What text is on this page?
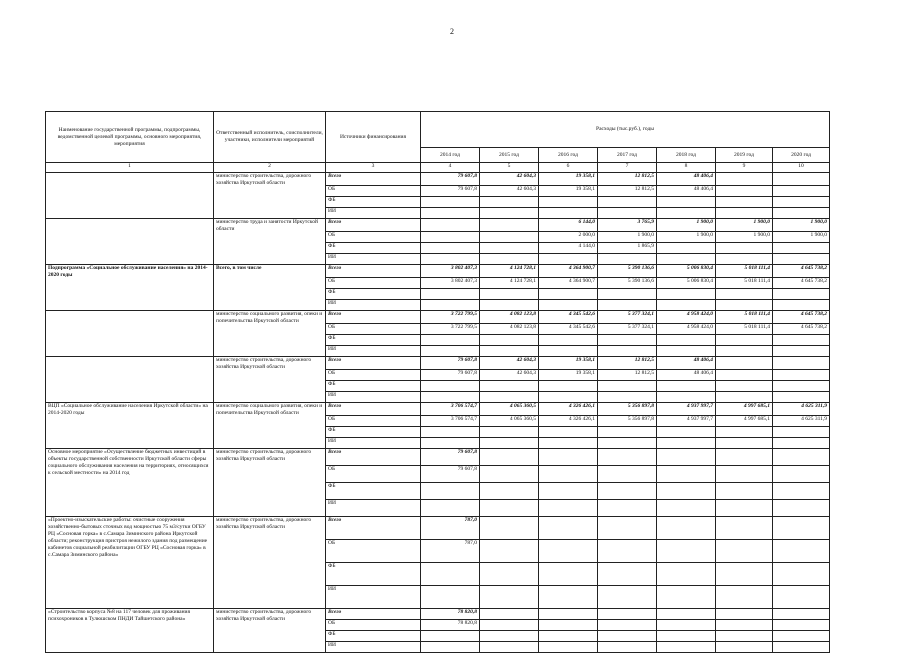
2
Наименование государственной программы, подпрограммы, ведомственной целевой программы, основного мероприятия, мероприятия	Ответственный исполнитель, соисполнители, участники, исполнители мероприятий	Источники финансирования	Расходы (тыс.руб.), годы						
			2014 год	2015 год	2016 год	2017 год	2018 год	2019 год	2020 год
1	2	3	4	5	6	7	8	9	10
	министерство строительства, дорожного хозяйства Иркутской области	Всего	79 607,8	42 604,3	19 358,1	12 812,5	48 406,4		
		ОБ	79 607,8	42 604,3	19 358,1	12 812,5	48 406,4		
		ФБ							
		ИИ							
	министерство труда и занятости Иркутской области	Всего			6 144,0	3 765,9	1 900,0	1 900,0	1 900,0
		ОБ			2 000,0	1 900,0	1 900,0	1 900,0	1 900,0
		ФБ			4 144,0	1 865,9			
		ИИ							
Подпрограмма «Социальное обслуживание населения» на 2014-2020 годы	Всего, в том числе	Всего	3 802 407,3	4 124 728,1	4 364 900,7	5 390 136,6	5 006 830,4	5 018 111,4	4 645 738,2
		ОБ	3 802 407,3	4 124 728,1	4 364 900,7	5 390 136,6	5 006 830,4	5 018 111,4	4 645 738,2
		ФБ							
		ИИ							
	министерство социального развития, опеки и попечительства Иркутской области	Всего	3 722 799,5	4 082 123,8	4 345 542,6	5 377 324,1	4 958 424,0	5 018 111,4	4 645 738,2
		ОБ	3 722 799,5	4 082 123,8	4 345 542,6	5 377 324,1	4 958 424,0	5 018 111,4	4 645 738,2
		ФБ							
		ИИ							
	министерство строительства, дорожного хозяйства Иркутской области	Всего	79 607,8	42 604,3	19 358,1	12 812,5	48 406,4		
		ОБ	79 607,8	42 604,3	19 358,1	12 812,5	48 406,4		
		ФБ							
		ИИ							
ВЦП «Социальное обслуживание населения Иркутской области» на 2014-2020 годы	министерство социального развития, опеки и попечительства Иркутской области	Всего	3 706 574,7	4 065 360,5	4 326 426,1	5 356 897,8	4 937 997,7	4 997 685,1	4 625 311,9
		ОБ	3 706 574,7	4 065 360,5	4 326 426,1	5 356 897,8	4 937 997,7	4 997 685,1	4 625 311,9
		ФБ							
		ИИ							
Основное мероприятие «Осуществление бюджетных инвестиций в объекты государственной собственности Иркутской области сферы социального обслуживания населения на территориях, относящихся к сельской местности» на 2014 год	министерство строительства, дорожного хозяйства Иркутской области	Всего	79 607,8						
		ОБ	79 607,8						
		ФБ							
		ИИ							
«Проектно-изыскательские работы: очистные сооружения хозяйственно-бытовых сточных вод мощностью 75 м3/сутки ОГБУ РЦ «Сосновая горка» в с.Самара Зиминского района Иркутской области; реконструкция пристроя нежилого здания под размещение кабинетов социальной реабилитации ОГБУ РЦ «Сосновая горка» в с.Самара Зиминского района»	министерство строительства, дорожного хозяйства Иркутской области	Всего	787,0						
		ОБ	787,0						
		ФБ							
		ИИ							
«Строительство корпуса №8 на 117 человек для проживания психохроников в Тулюшском ПНДИ Тайшетского района»	министерство строительства, дорожного хозяйства Иркутской области	Всего	78 820,8						
		ОБ	78 820,8						
		ФБ							
		ИИ							
